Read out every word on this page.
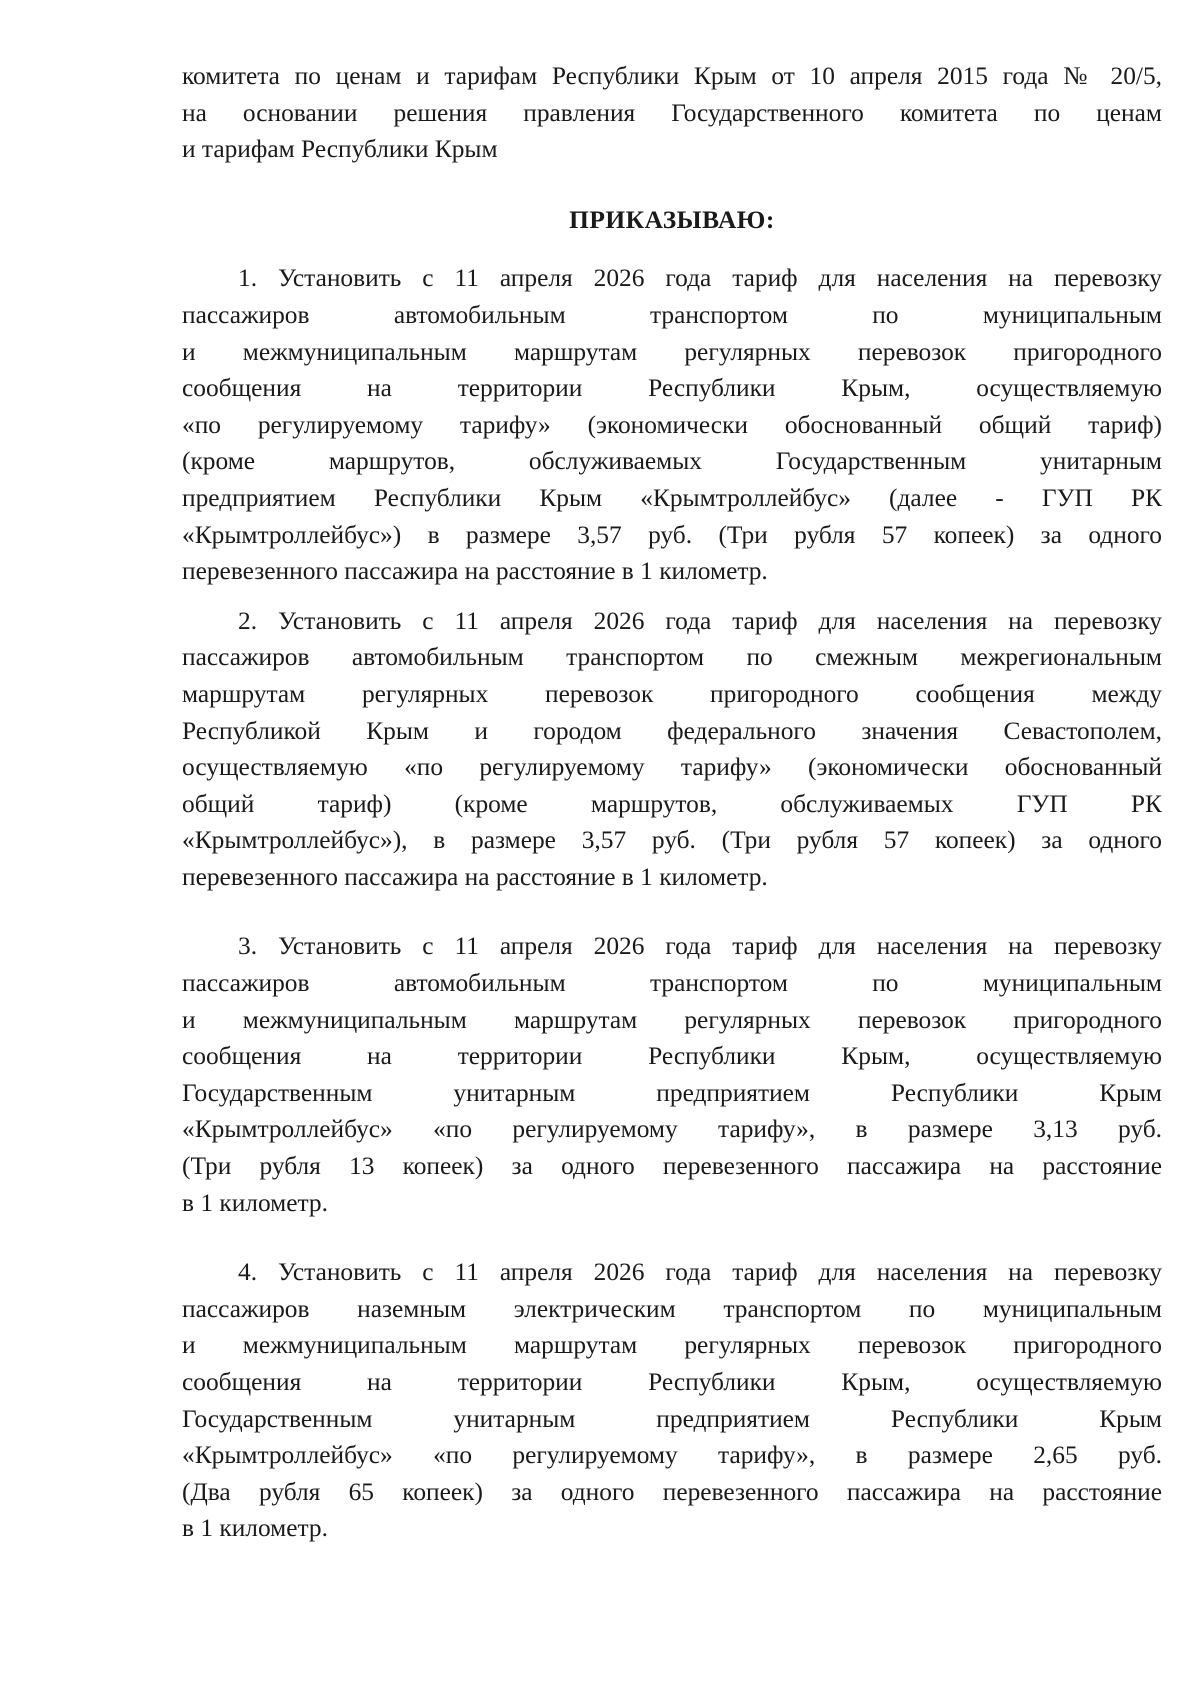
комитета по ценам и тарифам Республики Крым от 10 апреля 2015 года № 20/5,
на основании решения правления Государственного комитета по ценам
и тарифам Республики Крым

ПРИКАЗЫВАЮ:

1. Установить с 11 апреля 2026 года тариф для населения на перевозку
пассажиров автомобильным транспортом по муниципальным
и межмуниципальным маршрутам регулярных перевозок пригородного
сообщения на территории Республики Крым, осуществляемую
«по регулируемому тарифу» (экономически обоснованный общий тариф)
(кроме маршрутов, обслуживаемых Государственным унитарным
предприятием Республики Крым «Крымтроллейбус» (далее - ГУП РК
«Крымтроллейбус») в размере 3,57 руб. (Три рубля 57 копеек) за одного
перевезенного пассажира на расстояние в 1 километр.

2. Установить с 11 апреля 2026 года тариф для населения на перевозку
пассажиров автомобильным транспортом по смежным межрегиональным
маршрутам регулярных перевозок пригородного сообщения между
Республикой Крым и городом федерального значения Севастополем,
осуществляемую «по регулируемому тарифу» (экономически обоснованный
общий тариф) (кроме маршрутов, обслуживаемых ГУП РК
«Крымтроллейбус»), в размере 3,57 руб. (Три рубля 57 копеек) за одного
перевезенного пассажира на расстояние в 1 километр.

3. Установить с 11 апреля 2026 года тариф для населения на перевозку
пассажиров автомобильным транспортом по муниципальным
и межмуниципальным маршрутам регулярных перевозок пригородного
сообщения на территории Республики Крым, осуществляемую
Государственным унитарным предприятием Республики Крым
«Крымтроллейбус» «по регулируемому тарифу», в размере 3,13 руб.
(Три рубля 13 копеек) за одного перевезенного пассажира на расстояние
в 1 километр.

4. Установить с 11 апреля 2026 года тариф для населения на перевозку
пассажиров наземным электрическим транспортом по муниципальным
и межмуниципальным маршрутам регулярных перевозок пригородного
сообщения на территории Республики Крым, осуществляемую
Государственным унитарным предприятием Республики Крым
«Крымтроллейбус» «по регулируемому тарифу», в размере 2,65 руб.
(Два рубля 65 копеек) за одного перевезенного пассажира на расстояние
в 1 километр.
